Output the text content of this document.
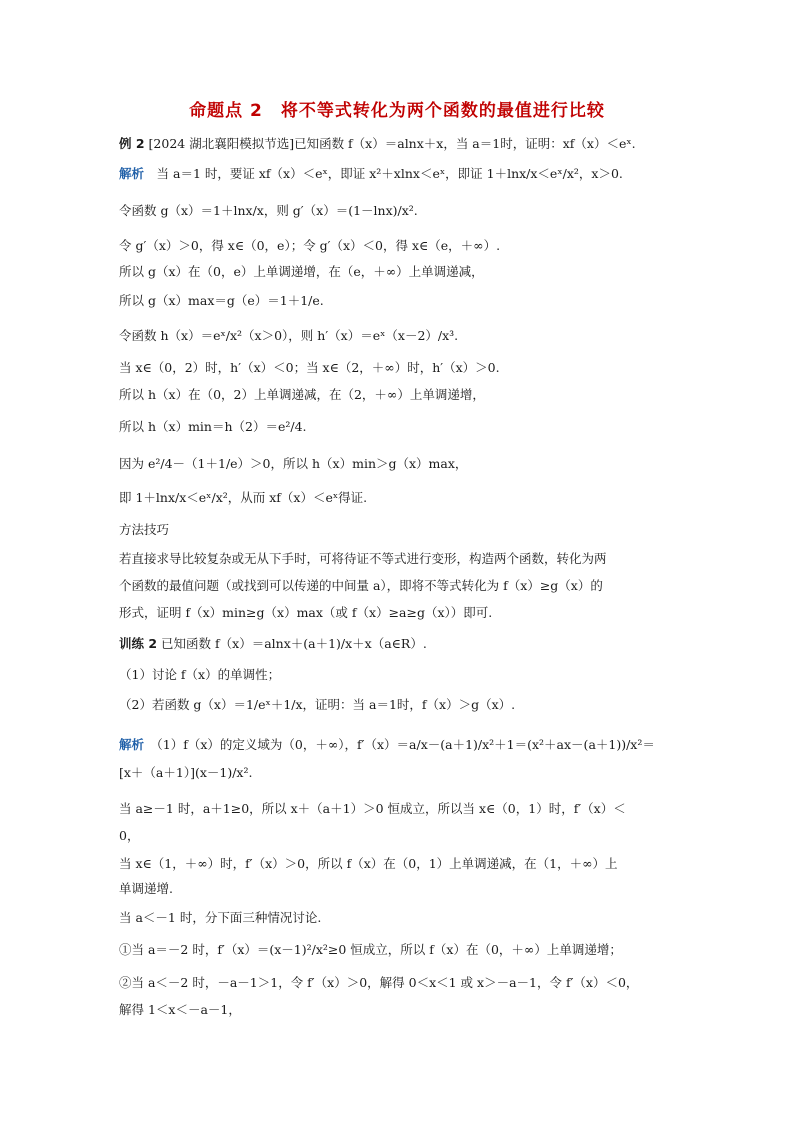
命题点 2　将不等式转化为两个函数的最值进行比较
例 2 [2024 湖北襄阳模拟节选]已知函数 f（x）＝alnx＋x，当 a＝1时，证明：xf（x）＜eˣ.
解析　当 a＝1 时，要证 xf（x）＜eˣ，即证 x²＋xlnx＜eˣ，即证 1＋lnx/x＜eˣ/x²，x＞0.
令函数 g（x）＝1＋lnx/x，则 g′（x）＝(1－lnx)/x².
令 g′（x）＞0，得 x∈（0，e）；令 g′（x）＜0，得 x∈（e，＋∞）.
所以 g（x）在（0，e）上单调递增，在（e，＋∞）上单调递减，
所以 g（x）max＝g（e）＝1＋1/e.
令函数 h（x）＝eˣ/x²（x＞0），则 h′（x）＝eˣ（x－2）/x³.
当 x∈（0，2）时，h′（x）＜0；当 x∈（2，＋∞）时，h′（x）＞0.
所以 h（x）在（0，2）上单调递减，在（2，＋∞）上单调递增，
所以 h（x）min＝h（2）＝e²/4.
因为 e²/4－（1＋1/e）＞0，所以 h（x）min＞g（x）max，
即 1＋lnx/x＜eˣ/x²，从而 xf（x）＜eˣ得证.
方法技巧
若直接求导比较复杂或无从下手时，可将待证不等式进行变形，构造两个函数，转化为两
个函数的最值问题（或找到可以传递的中间量 a），即将不等式转化为 f（x）≥g（x）的
形式，证明 f（x）min≥g（x）max（或 f（x）≥a≥g（x））即可.
训练 2 已知函数 f（x）＝alnx＋(a＋1)/x＋x（a∈R）.
（1）讨论 f（x）的单调性；
（2）若函数 g（x）＝1/eˣ＋1/x，证明：当 a＝1时，f（x）＞g（x）.
解析　（1）f（x）的定义域为（0，＋∞），f′（x）＝a/x－(a＋1)/x²＋1＝(x²＋ax－(a＋1))/x²＝
[x＋（a＋1）](x－1)/x².
当 a≥－1 时，a＋1≥0，所以 x＋（a＋1）＞0 恒成立，所以当 x∈（0，1）时，f′（x）＜
0，
当 x∈（1，＋∞）时，f′（x）＞0，所以 f（x）在（0，1）上单调递减，在（1，＋∞）上
单调递增.
当 a＜－1 时，分下面三种情况讨论.
①当 a＝－2 时，f′（x）＝(x－1)²/x²≥0 恒成立，所以 f（x）在（0，＋∞）上单调递增；
②当 a＜－2 时，－a－1＞1，令 f′（x）＞0，解得 0＜x＜1 或 x＞－a－1，令 f′（x）＜0，
解得 1＜x＜－a－1，
